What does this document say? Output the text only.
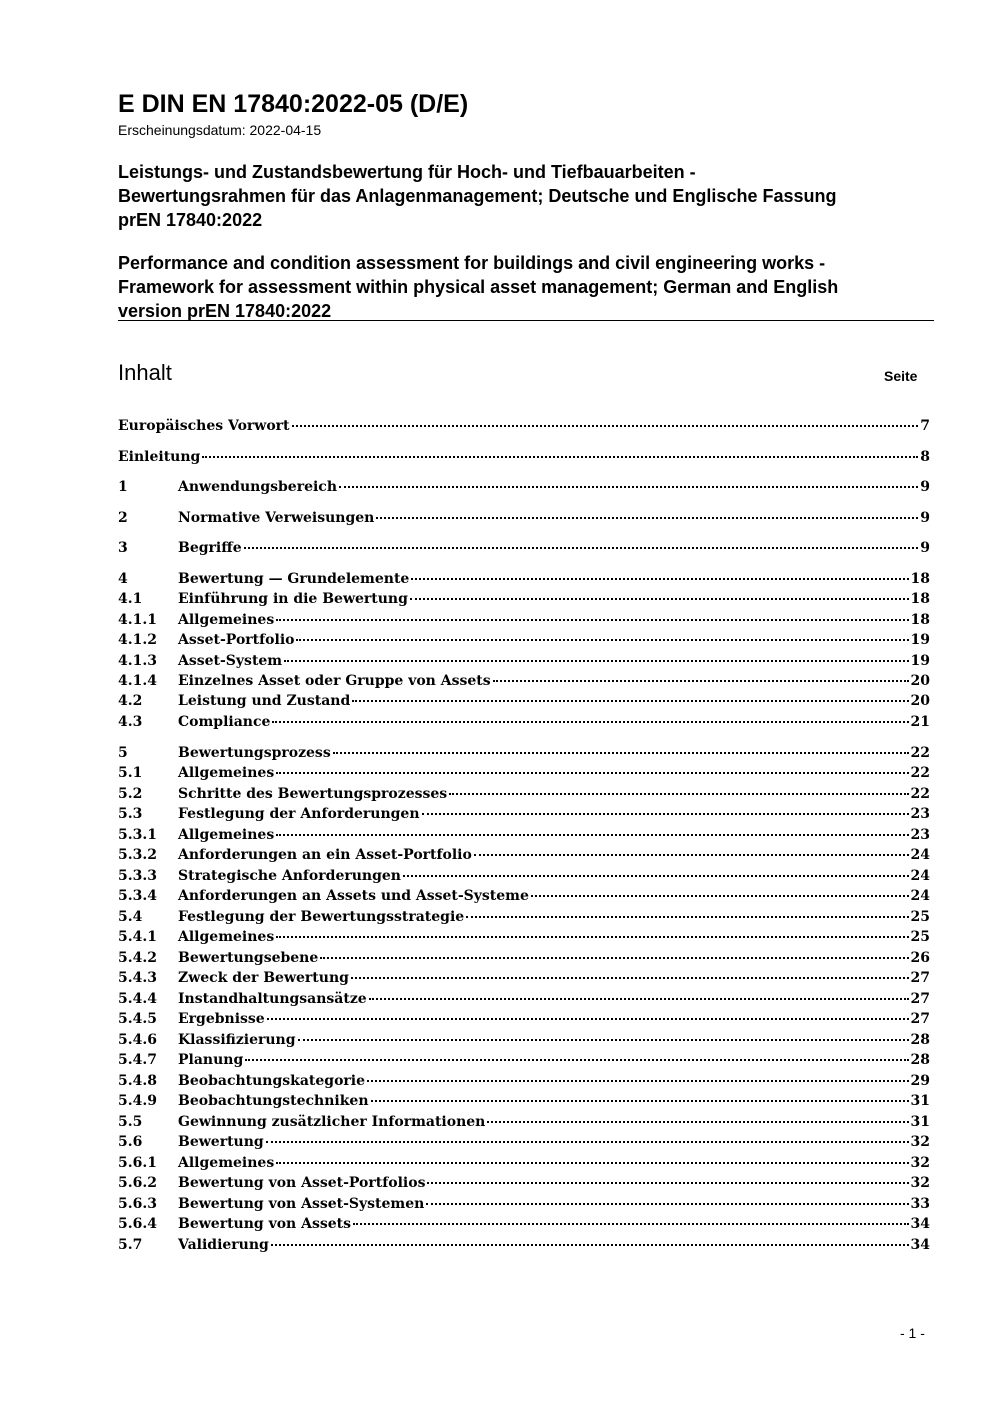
E DIN EN 17840:2022-05 (D/E)
Erscheinungsdatum: 2022-04-15
Leistungs- und Zustandsbewertung für Hoch- und Tiefbauarbeiten -
Bewertungsrahmen für das Anlagenmanagement; Deutsche und Englische Fassung
prEN 17840:2022
Performance and condition assessment for buildings and civil engineering works -
Framework for assessment within physical asset management; German and English
version prEN 17840:2022
Inhalt	Seite
Europäisches Vorwort	7
Einleitung	8
1	Anwendungsbereich	9
2	Normative Verweisungen	9
3	Begriffe	9
4	Bewertung — Grundelemente	18
4.1	Einführung in die Bewertung	18
4.1.1	Allgemeines	18
4.1.2	Asset-Portfolio	19
4.1.3	Asset-System	19
4.1.4	Einzelnes Asset oder Gruppe von Assets	20
4.2	Leistung und Zustand	20
4.3	Compliance	21
5	Bewertungsprozess	22
5.1	Allgemeines	22
5.2	Schritte des Bewertungsprozesses	22
5.3	Festlegung der Anforderungen	23
5.3.1	Allgemeines	23
5.3.2	Anforderungen an ein Asset-Portfolio	24
5.3.3	Strategische Anforderungen	24
5.3.4	Anforderungen an Assets und Asset-Systeme	24
5.4	Festlegung der Bewertungsstrategie	25
5.4.1	Allgemeines	25
5.4.2	Bewertungsebene	26
5.4.3	Zweck der Bewertung	27
5.4.4	Instandhaltungsansätze	27
5.4.5	Ergebnisse	27
5.4.6	Klassifizierung	28
5.4.7	Planung	28
5.4.8	Beobachtungskategorie	29
5.4.9	Beobachtungstechniken	31
5.5	Gewinnung zusätzlicher Informationen	31
5.6	Bewertung	32
5.6.1	Allgemeines	32
5.6.2	Bewertung von Asset-Portfolios	32
5.6.3	Bewertung von Asset-Systemen	33
5.6.4	Bewertung von Assets	34
5.7	Validierung	34
- 1 -
